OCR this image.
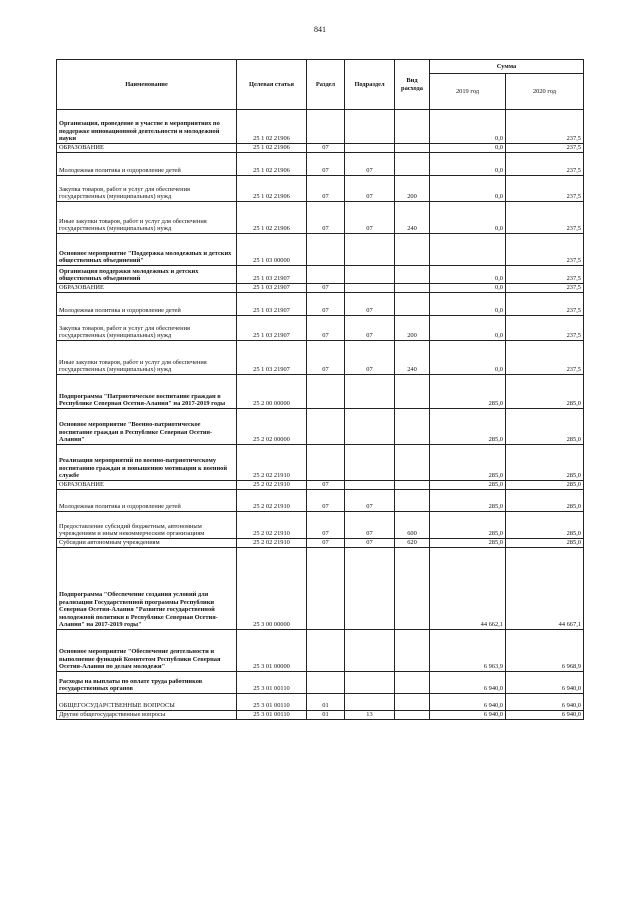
841
Наименование	Целевая статья	Раздел	Подраздел	Вид расхода	Сумма	
					2019 год	2020 год
Организация, проведение и участие в мероприятиях по поддержке инновационной деятельности и молодежной науки	25 1 02 21906				0,0	237,5
ОБРАЗОВАНИЕ	25 1 02 21906	07			0,0	237,5
Молодежная политика и оздоровление детей	25 1 02 21906	07	07		0,0	237,5
Закупка товаров, работ и услуг для обеспечения государственных (муниципальных) нужд	25 1 02 21906	07	07	200	0,0	237,5
Иные закупки товаров, работ и услуг для обеспечения государственных (муниципальных) нужд	25 1 02 21906	07	07	240	0,0	237,5
Основное мероприятие "Поддержка молодежных и детских общественных объединений"	25 1 03 00000					237,5
Организация поддержки молодежных и детских общественных объединений	25 1 03 21907				0,0	237,5
ОБРАЗОВАНИЕ	25 1 03 21907	07			0,0	237,5
Молодежная политика и оздоровление детей	25 1 03 21907	07	07		0,0	237,5
Закупка товаров, работ и услуг для обеспечения государственных (муниципальных) нужд	25 1 03 21907	07	07	200	0,0	237,5
Иные закупки товаров, работ и услуг для обеспечения государственных (муниципальных) нужд	25 1 03 21907	07	07	240	0,0	237,5
Подпрограмма "Патриотическое воспитание граждан в Республике Северная Осетия-Алания" на 2017-2019 годы	25 2 00 00000				285,0	285,0
Основное мероприятие "Военно-патриотическое воспитание граждан в Республике Северная Осетия- Алания"	25 2 02 00000				285,0	285,0
Реализация мероприятий по военно-патриотическому воспитанию граждан и повышению мотивации к военной службе	25 2 02 21910				285,0	285,0
ОБРАЗОВАНИЕ	25 2 02 21910	07			285,0	285,0
Молодежная политика и оздоровление детей	25 2 02 21910	07	07		285,0	285,0
Предоставление субсидий бюджетным, автономным учреждениям и иным некоммерческим организациям	25 2 02 21910	07	07	600	285,0	285,0
Субсидии автономным учреждениям	25 2 02 21910	07	07	620	285,0	285,0
Подпрограмма "Обеспечение создания условий для реализации Государственной программы Республики Северная Осетия-Алания "Развитие государственной молодежной политики в Республике Северная Осетия-Алания" на 2017-2019 годы"	25 3 00 00000				44 662,1	44 667,1
Основное мероприятие "Обеспечение деятельности и выполнение функций Комитетом Республики Северная Осетия-Алания по делам молодежи"	25 3 01 00000				6 963,9	6 968,9
Расходы на выплаты по оплате труда работников государственных органов	25 3 01 00110				6 940,0	6 940,0
ОБЩЕГОСУДАРСТВЕННЫЕ ВОПРОСЫ	25 3 01 00110	01			6 940,0	6 940,0
Другие общегосударственные вопросы	25 3 01 00110	01	13		6 940,0	6 940,0
